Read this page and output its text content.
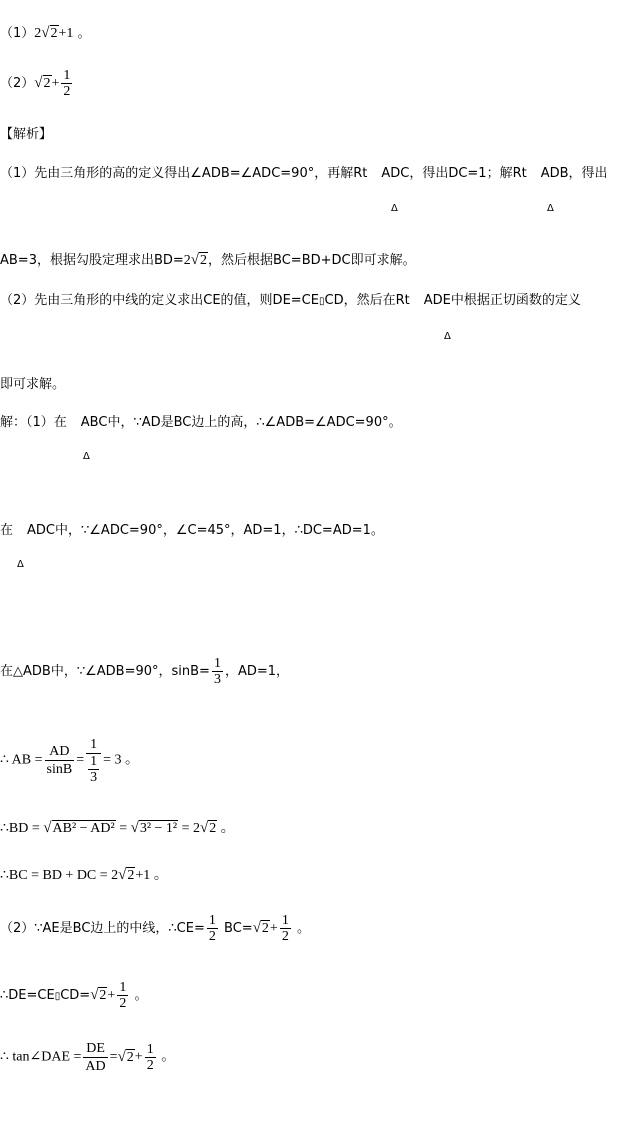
（1）2√2+1 。
$(2)√2+ \frac{1}{2}$
【解析】
（1）先由三角形的高的定义得出∠ADB=∠ADC=90°，再解Rt ADC，得出DC=1；解Rt ADB，得出
Δ	Δ
AB=3，根据勾股定理求出BD=2√2，然后根据BC=BD+DC即可求解。
（2）先由三角形的中线的定义求出CE的值，则DE=CE▯CD，然后在Rt ADE中根据正切函数的定义
Δ
即可求解。
解：（1）在 ABC中，∵AD是BC边上的高，∴∠ADB=∠ADC=90°。
Δ
在 ADC中，∵∠ADC=90°，∠C=45°，AD=1，∴DC=AD=1。
Δ
在△ADB中，∵∠ADB=90°，$\sin B= \frac{1}{3}$ ，AD=1，
∴ AB = $\frac{AD}{\sin B} = \frac{1}{\frac{1}{3}} = 3$ 。
∴BD = √AB² − AD² = √3² − 1² = 2√2 。
∴BC = BD + DC = 2√2+1 。
（2）∵AE是BC边上的中线，∴CE= $\frac{1}{2} BC=√2+ \frac{1}{2}$ 。
∴DE=CE▯CD=√2+ $\frac{1}{2}$ 。
∴ tan∠DAE = $\frac{DE}{AD} =√2+ \frac{1}{2}$ 。
